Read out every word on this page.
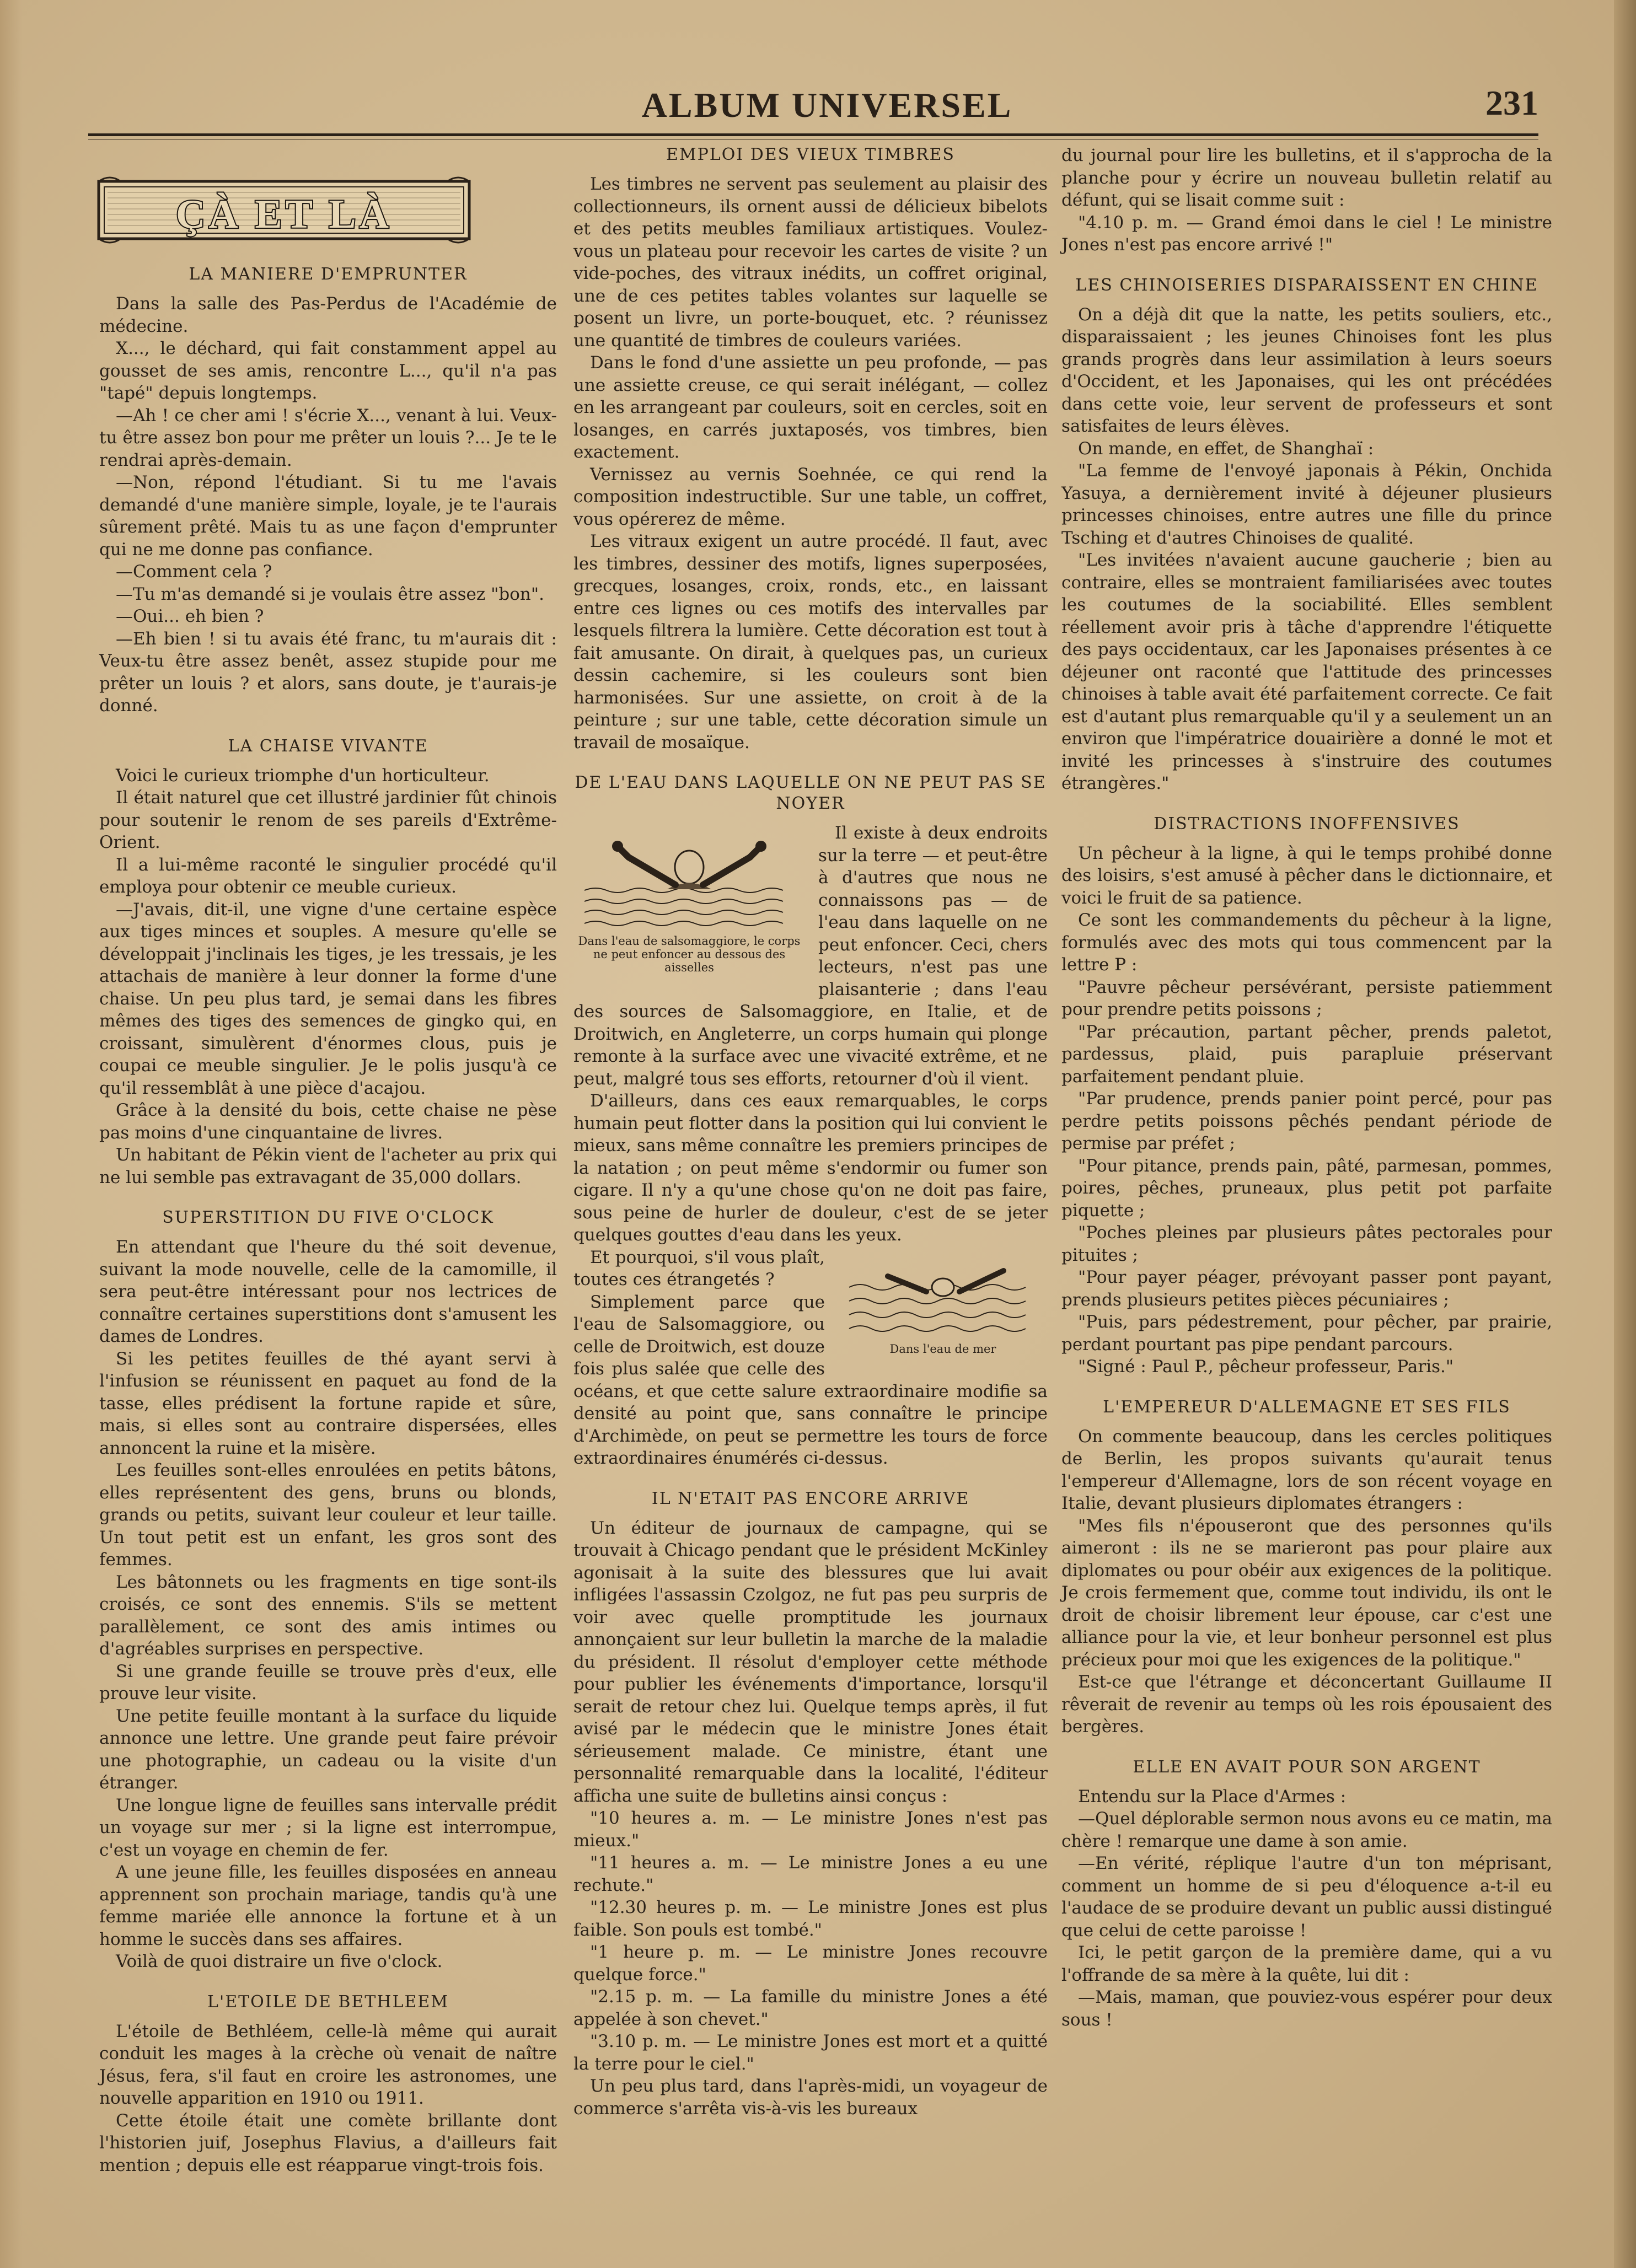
ALBUM UNIVERSEL	231
ÇÀ ET LÀ
LA MANIERE D'EMPRUNTER

Dans la salle des Pas-Perdus de l'Académie de médecine.

X..., le déchard, qui fait constamment appel au gousset de ses amis, rencontre L..., qu'il n'a pas "tapé" depuis longtemps.

—Ah ! ce cher ami ! s'écrie X..., venant à lui. Veux-tu être assez bon pour me prêter un louis ?... Je te le rendrai après-demain.

—Non, répond l'étudiant. Si tu me l'avais demandé d'une manière simple, loyale, je te l'aurais sûrement prêté. Mais tu as une façon d'emprunter qui ne me donne pas confiance.

—Comment cela ?

—Tu m'as demandé si je voulais être assez "bon".

—Oui... eh bien ?

—Eh bien ! si tu avais été franc, tu m'aurais dit : Veux-tu être assez benêt, assez stupide pour me prêter un louis ? et alors, sans doute, je t'aurais-je donné.

LA CHAISE VIVANTE

Voici le curieux triomphe d'un horticulteur.

Il était naturel que cet illustré jardinier fût chinois pour soutenir le renom de ses pareils d'Extrême-Orient.

Il a lui-même raconté le singulier procédé qu'il employa pour obtenir ce meuble curieux.

—J'avais, dit-il, une vigne d'une certaine espèce aux tiges minces et souples. A mesure qu'elle se développait j'inclinais les tiges, je les tressais, je les attachais de manière à leur donner la forme d'une chaise. Un peu plus tard, je semai dans les fibres mêmes des tiges des semences de gingko qui, en croissant, simulèrent d'énormes clous, puis je coupai ce meuble singulier. Je le polis jusqu'à ce qu'il ressemblât à une pièce d'acajou.

Grâce à la densité du bois, cette chaise ne pèse pas moins d'une cinquantaine de livres.

Un habitant de Pékin vient de l'acheter au prix qui ne lui semble pas extravagant de 35,000 dollars.

SUPERSTITION DU FIVE O'CLOCK

En attendant que l'heure du thé soit devenue, suivant la mode nouvelle, celle de la camomille, il sera peut-être intéressant pour nos lectrices de connaître certaines superstitions dont s'amusent les dames de Londres.

Si les petites feuilles de thé ayant servi à l'infusion se réunissent en paquet au fond de la tasse, elles prédisent la fortune rapide et sûre, mais, si elles sont au contraire dispersées, elles annoncent la ruine et la misère.

Les feuilles sont-elles enroulées en petits bâtons, elles représentent des gens, bruns ou blonds, grands ou petits, suivant leur couleur et leur taille. Un tout petit est un enfant, les gros sont des femmes.

Les bâtonnets ou les fragments en tige sont-ils croisés, ce sont des ennemis. S'ils se mettent parallèlement, ce sont des amis intimes ou d'agréables surprises en perspective.

Si une grande feuille se trouve près d'eux, elle prouve leur visite.

Une petite feuille montant à la surface du liquide annonce une lettre. Une grande peut faire prévoir une photographie, un cadeau ou la visite d'un étranger.

Une longue ligne de feuilles sans intervalle prédit un voyage sur mer ; si la ligne est interrompue, c'est un voyage en chemin de fer.

A une jeune fille, les feuilles disposées en anneau apprennent son prochain mariage, tandis qu'à une femme mariée elle annonce la fortune et à un homme le succès dans ses affaires.

Voilà de quoi distraire un five o'clock.

L'ETOILE DE BETHLEEM

L'étoile de Bethléem, celle-là même qui aurait conduit les mages à la crèche où venait de naître Jésus, fera, s'il faut en croire les astronomes, une nouvelle apparition en 1910 ou 1911.

Cette étoile était une comète brillante dont l'historien juif, Josephus Flavius, a d'ailleurs fait mention ; depuis elle est réapparue vingt-trois fois.

EMPLOI DES VIEUX TIMBRES

Les timbres ne servent pas seulement au plaisir des collectionneurs, ils ornent aussi de délicieux bibelots et des petits meubles familiaux artistiques. Voulez-vous un plateau pour recevoir les cartes de visite ? un vide-poches, des vitraux inédits, un coffret original, une de ces petites tables volantes sur laquelle se posent un livre, un porte-bouquet, etc. ? réunissez une quantité de timbres de couleurs variées.

Dans le fond d'une assiette un peu profonde, — pas une assiette creuse, ce qui serait inélégant, — collez en les arrangeant par couleurs, soit en cercles, soit en losanges, en carrés juxtaposés, vos timbres, bien exactement.

Vernissez au vernis Soehnée, ce qui rend la composition indestructible. Sur une table, un coffret, vous opérerez de même.

Les vitraux exigent un autre procédé. Il faut, avec les timbres, dessiner des motifs, lignes superposées, grecques, losanges, croix, ronds, etc., en laissant entre ces lignes ou ces motifs des intervalles par lesquels filtrera la lumière. Cette décoration est tout à fait amusante. On dirait, à quelques pas, un curieux dessin cachemire, si les couleurs sont bien harmonisées. Sur une assiette, on croit à de la peinture ; sur une table, cette décoration simule un travail de mosaïque.

DE L'EAU DANS LAQUELLE ON NE PEUT PAS SE NOYER
Dans l'eau de salsomaggiore, le corps ne peut enfoncer au dessous des aisselles

Il existe à deux endroits sur la terre — et peut-être à d'autres que nous ne connaissons pas — de l'eau dans laquelle on ne peut enfoncer. Ceci, chers lecteurs, n'est pas une plaisanterie ; dans l'eau des sources de Salsomaggiore, en Italie, et de Droitwich, en Angleterre, un corps humain qui plonge remonte à la surface avec une vivacité extrême, et ne peut, malgré tous ses efforts, retourner d'où il vient.

D'ailleurs, dans ces eaux remarquables, le corps humain peut flotter dans la position qui lui convient le mieux, sans même connaître les premiers principes de la natation ; on peut même s'endormir ou fumer son cigare. Il n'y a qu'une chose qu'on ne doit pas faire, sous peine de hurler de douleur, c'est de se jeter quelques gouttes d'eau dans les yeux.

Dans l'eau de mer

Et pourquoi, s'il vous plaît, toutes ces étrangetés ?

Simplement parce que l'eau de Salsomaggiore, ou celle de Droitwich, est douze fois plus salée que celle des océans, et que cette salure extraordinaire modifie sa densité au point que, sans connaître le principe d'Archimède, on peut se permettre les tours de force extraordinaires énumérés ci-dessus.

IL N'ETAIT PAS ENCORE ARRIVE

Un éditeur de journaux de campagne, qui se trouvait à Chicago pendant que le président McKinley agonisait à la suite des blessures que lui avait infligées l'assassin Czolgoz, ne fut pas peu surpris de voir avec quelle promptitude les journaux annonçaient sur leur bulletin la marche de la maladie du président. Il résolut d'employer cette méthode pour publier les événements d'importance, lorsqu'il serait de retour chez lui. Quelque temps après, il fut avisé par le médecin que le ministre Jones était sérieusement malade. Ce ministre, étant une personnalité remarquable dans la localité, l'éditeur afficha une suite de bulletins ainsi conçus :

"10 heures a. m. — Le ministre Jones n'est pas mieux."

"11 heures a. m. — Le ministre Jones a eu une rechute."

"12.30 heures p. m. — Le ministre Jones est plus faible. Son pouls est tombé."

"1 heure p. m. — Le ministre Jones recouvre quelque force."

"2.15 p. m. — La famille du ministre Jones a été appelée à son chevet."

"3.10 p. m. — Le ministre Jones est mort et a quitté la terre pour le ciel."

Un peu plus tard, dans l'après-midi, un voyageur de commerce s'arrêta vis-à-vis les bureaux

du journal pour lire les bulletins, et il s'approcha de la planche pour y écrire un nouveau bulletin relatif au défunt, qui se lisait comme suit :

"4.10 p. m. — Grand émoi dans le ciel ! Le ministre Jones n'est pas encore arrivé !"

LES CHINOISERIES DISPARAISSENT EN CHINE

On a déjà dit que la natte, les petits souliers, etc., disparaissaient ; les jeunes Chinoises font les plus grands progrès dans leur assimilation à leurs soeurs d'Occident, et les Japonaises, qui les ont précédées dans cette voie, leur servent de professeurs et sont satisfaites de leurs élèves.

On mande, en effet, de Shanghaï :

"La femme de l'envoyé japonais à Pékin, Onchida Yasuya, a dernièrement invité à déjeuner plusieurs princesses chinoises, entre autres une fille du prince Tsching et d'autres Chinoises de qualité.

"Les invitées n'avaient aucune gaucherie ; bien au contraire, elles se montraient familiarisées avec toutes les coutumes de la sociabilité. Elles semblent réellement avoir pris à tâche d'apprendre l'étiquette des pays occidentaux, car les Japonaises présentes à ce déjeuner ont raconté que l'attitude des princesses chinoises à table avait été parfaitement correcte. Ce fait est d'autant plus remarquable qu'il y a seulement un an environ que l'impératrice douairière a donné le mot et invité les princesses à s'instruire des coutumes étrangères."

DISTRACTIONS INOFFENSIVES

Un pêcheur à la ligne, à qui le temps prohibé donne des loisirs, s'est amusé à pêcher dans le dictionnaire, et voici le fruit de sa patience.

Ce sont les commandements du pêcheur à la ligne, formulés avec des mots qui tous commencent par la lettre P :

"Pauvre pêcheur persévérant, persiste patiemment pour prendre petits poissons ;

"Par précaution, partant pêcher, prends paletot, pardessus, plaid, puis parapluie préservant parfaitement pendant pluie.

"Par prudence, prends panier point percé, pour pas perdre petits poissons pêchés pendant période de permise par préfet ;

"Pour pitance, prends pain, pâté, parmesan, pommes, poires, pêches, pruneaux, plus petit pot parfaite piquette ;

"Poches pleines par plusieurs pâtes pectorales pour pituites ;

"Pour payer péager, prévoyant passer pont payant, prends plusieurs petites pièces pécuniaires ;

"Puis, pars pédestrement, pour pêcher, par prairie, perdant pourtant pas pipe pendant parcours.

"Signé : Paul P., pêcheur professeur, Paris."

L'EMPEREUR D'ALLEMAGNE ET SES FILS

On commente beaucoup, dans les cercles politiques de Berlin, les propos suivants qu'aurait tenus l'empereur d'Allemagne, lors de son récent voyage en Italie, devant plusieurs diplomates étrangers :

"Mes fils n'épouseront que des personnes qu'ils aimeront : ils ne se marieront pas pour plaire aux diplomates ou pour obéir aux exigences de la politique. Je crois fermement que, comme tout individu, ils ont le droit de choisir librement leur épouse, car c'est une alliance pour la vie, et leur bonheur personnel est plus précieux pour moi que les exigences de la politique."

Est-ce que l'étrange et déconcertant Guillaume II rêverait de revenir au temps où les rois épousaient des bergères.

ELLE EN AVAIT POUR SON ARGENT

Entendu sur la Place d'Armes :

—Quel déplorable sermon nous avons eu ce matin, ma chère ! remarque une dame à son amie.

—En vérité, réplique l'autre d'un ton méprisant, comment un homme de si peu d'éloquence a-t-il eu l'audace de se produire devant un public aussi distingué que celui de cette paroisse !

Ici, le petit garçon de la première dame, qui a vu l'offrande de sa mère à la quête, lui dit :

—Mais, maman, que pouviez-vous espérer pour deux sous !
